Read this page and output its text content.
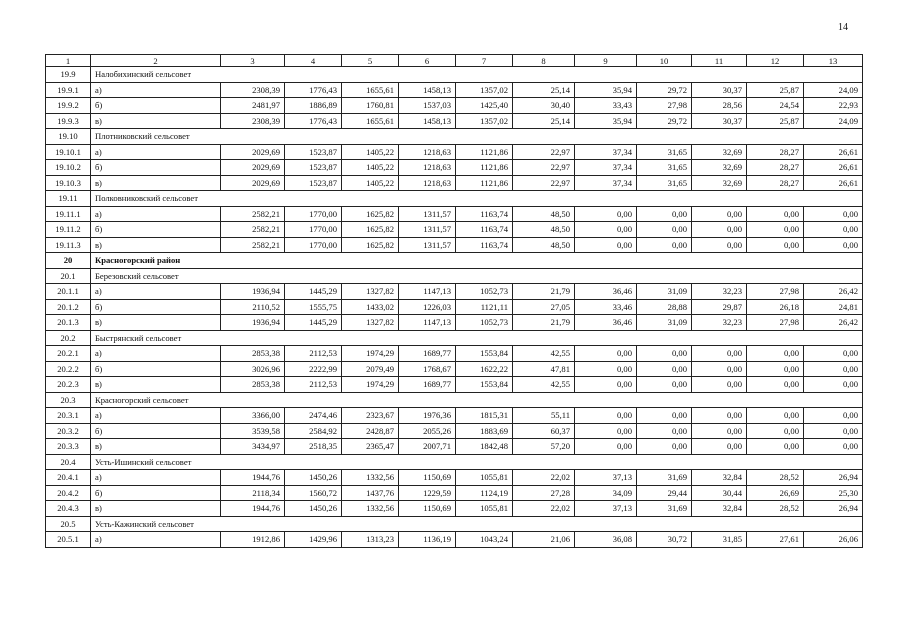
14
1	2	3	4	5	6	7	8	9	10	11	12	13
19.9	Налобихинский сельсовет											
19.9.1	а)	2308,39	1776,43	1655,61	1458,13	1357,02	25,14	35,94	29,72	30,37	25,87	24,09
19.9.2	б)	2481,97	1886,89	1760,81	1537,03	1425,40	30,40	33,43	27,98	28,56	24,54	22,93
19.9.3	в)	2308,39	1776,43	1655,61	1458,13	1357,02	25,14	35,94	29,72	30,37	25,87	24,09
19.10	Плотниковский сельсовет											
19.10.1	а)	2029,69	1523,87	1405,22	1218,63	1121,86	22,97	37,34	31,65	32,69	28,27	26,61
19.10.2	б)	2029,69	1523,87	1405,22	1218,63	1121,86	22,97	37,34	31,65	32,69	28,27	26,61
19.10.3	в)	2029,69	1523,87	1405,22	1218,63	1121,86	22,97	37,34	31,65	32,69	28,27	26,61
19.11	Полковниковский сельсовет											
19.11.1	а)	2582,21	1770,00	1625,82	1311,57	1163,74	48,50	0,00	0,00	0,00	0,00	0,00
19.11.2	б)	2582,21	1770,00	1625,82	1311,57	1163,74	48,50	0,00	0,00	0,00	0,00	0,00
19.11.3	в)	2582,21	1770,00	1625,82	1311,57	1163,74	48,50	0,00	0,00	0,00	0,00	0,00
20	Красногорский район											
20.1	Березовский сельсовет											
20.1.1	а)	1936,94	1445,29	1327,82	1147,13	1052,73	21,79	36,46	31,09	32,23	27,98	26,42
20.1.2	б)	2110,52	1555,75	1433,02	1226,03	1121,11	27,05	33,46	28,88	29,87	26,18	24,81
20.1.3	в)	1936,94	1445,29	1327,82	1147,13	1052,73	21,79	36,46	31,09	32,23	27,98	26,42
20.2	Быстрянский сельсовет											
20.2.1	а)	2853,38	2112,53	1974,29	1689,77	1553,84	42,55	0,00	0,00	0,00	0,00	0,00
20.2.2	б)	3026,96	2222,99	2079,49	1768,67	1622,22	47,81	0,00	0,00	0,00	0,00	0,00
20.2.3	в)	2853,38	2112,53	1974,29	1689,77	1553,84	42,55	0,00	0,00	0,00	0,00	0,00
20.3	Красногорский сельсовет											
20.3.1	а)	3366,00	2474,46	2323,67	1976,36	1815,31	55,11	0,00	0,00	0,00	0,00	0,00
20.3.2	б)	3539,58	2584,92	2428,87	2055,26	1883,69	60,37	0,00	0,00	0,00	0,00	0,00
20.3.3	в)	3434,97	2518,35	2365,47	2007,71	1842,48	57,20	0,00	0,00	0,00	0,00	0,00
20.4	Усть-Ишинский сельсовет											
20.4.1	а)	1944,76	1450,26	1332,56	1150,69	1055,81	22,02	37,13	31,69	32,84	28,52	26,94
20.4.2	б)	2118,34	1560,72	1437,76	1229,59	1124,19	27,28	34,09	29,44	30,44	26,69	25,30
20.4.3	в)	1944,76	1450,26	1332,56	1150,69	1055,81	22,02	37,13	31,69	32,84	28,52	26,94
20.5	Усть-Кажинский сельсовет											
20.5.1	а)	1912,86	1429,96	1313,23	1136,19	1043,24	21,06	36,08	30,72	31,85	27,61	26,06
